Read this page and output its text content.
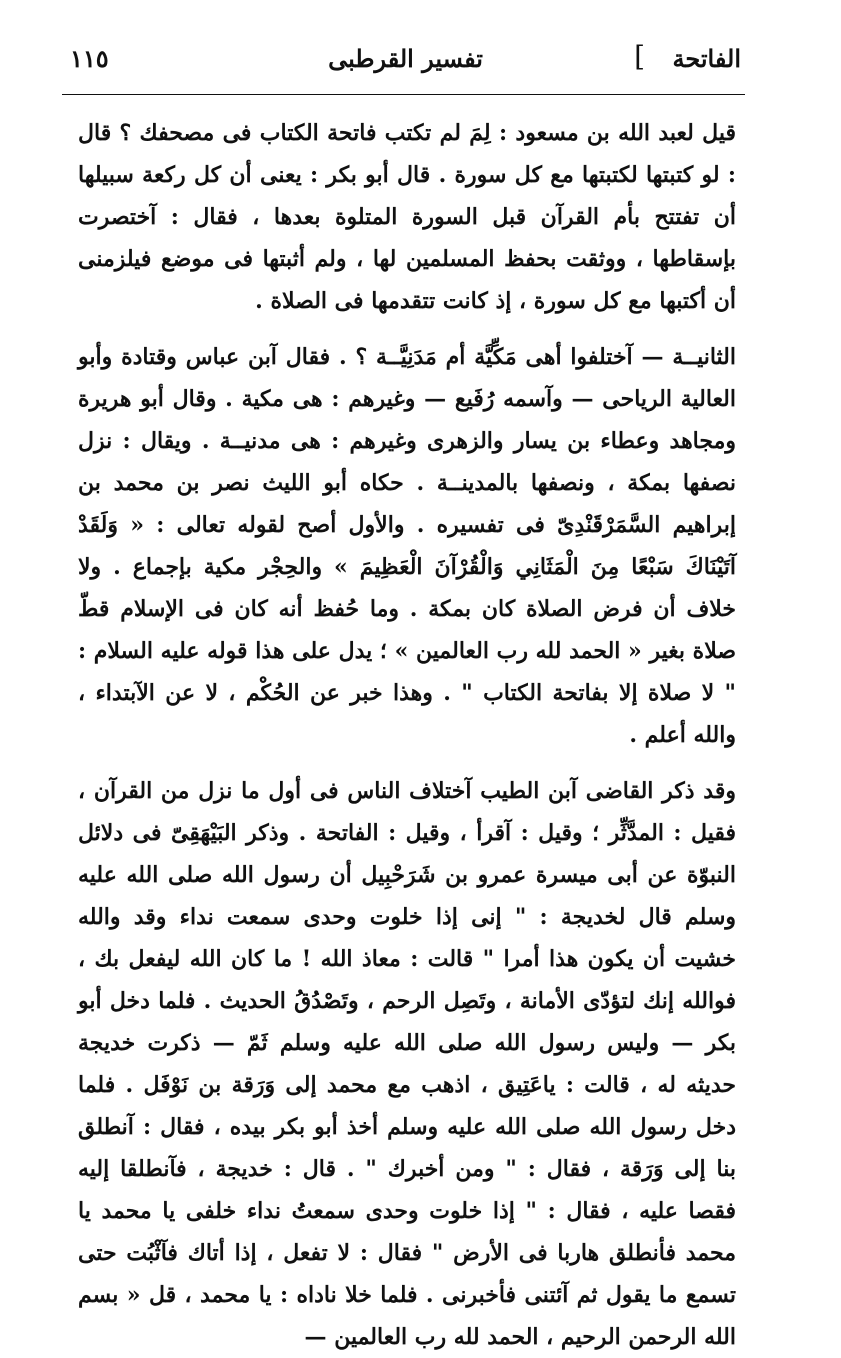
الفاتحة
]
تفسير القرطبى
١١٥

قيل لعبد الله بن مسعود : لِمَ لم تكتب فاتحة الكتاب فى مصحفك ؟ قال : لو كتبتها لكتبتها مع كل سورة . قال أبو بكر : يعنى أن كل ركعة سبيلها أن تفتتح بأم القرآن قبل السورة المتلوة بعدها ، فقال : آختصرت بإسقاطها ، ووثقت بحفظ المسلمين لها ، ولم أثبتها فى موضع فيلزمنى أن أكتبها مع كل سورة ، إذ كانت تتقدمها فى الصلاة .

الثانيــة — آختلفوا أهى مَكِّيَّة أم مَدَنِيَّــة ؟ . فقال آبن عباس وقتادة وأبو العالية الرياحى — وآسمه رُفَيع — وغيرهم : هى مكية . وقال أبو هريرة ومجاهد وعطاء بن يسار والزهرى وغيرهم : هى مدنيــة . ويقال : نزل نصفها بمكة ، ونصفها بالمدينــة . حكاه أبو الليث نصر بن محمد بن إبراهيم السَّمَرْقَنْدِىّ فى تفسيره . والأول أصح لقوله تعالى : « وَلَقَدْ آتَيْنَاكَ سَبْعًا مِنَ الْمَثَانِي وَالْقُرْآنَ الْعَظِيمَ » والحِجْر مكية بإجماع . ولا خلاف أن فرض الصلاة كان بمكة . وما حُفظ أنه كان فى الإسلام قطّ صلاة بغير « الحمد لله رب العالمين » ؛ يدل على هذا قوله عليه السلام : " لا صلاة إلا بفاتحة الكتاب " . وهذا خبر عن الحُكْم ، لا عن الآبتداء ، والله أعلم .

وقد ذكر القاضى آبن الطيب آختلاف الناس فى أول ما نزل من القرآن ، فقيل : المدَّثِّر ؛ وقيل : آقرأ ، وقيل : الفاتحة . وذكر البَيْهَقِىّ فى دلائل النبوّة عن أبى ميسرة عمرو بن شَرَحْبِيل أن رسول الله صلى الله عليه وسلم قال لخديجة : " إنى إذا خلوت وحدى سمعت نداء وقد والله خشيت أن يكون هذا أمرا " قالت : معاذ الله ! ما كان الله ليفعل بك ، فوالله إنك لتؤدّى الأمانة ، وتَصِل الرحم ، وتَصْدُقُ الحديث . فلما دخل أبو بكر — وليس رسول الله صلى الله عليه وسلم ثَمّ — ذكرت خديجة حديثه له ، قالت : ياعَتِيق ، اذهب مع محمد إلى وَرَقة بن نَوْفَل . فلما دخل رسول الله صلى الله عليه وسلم أخذ أبو بكر بيده ، فقال : آنطلق بنا إلى وَرَقة ، فقال : " ومن أخبرك " . قال : خديجة ، فآنطلقا إليه فقصا عليه ، فقال : " إذا خلوت وحدى سمعتُ نداء خلفى يا محمد يا محمد فأنطلق هاربا فى الأرض " فقال : لا تفعل ، إذا أتاك فآثْبُت حتى تسمع ما يقول ثم آئتنى فأخبرنى . فلما خلا ناداه : يا محمد ، قل « بسم الله الرحمن الرحيم ، الحمد لله رب العالمين —
